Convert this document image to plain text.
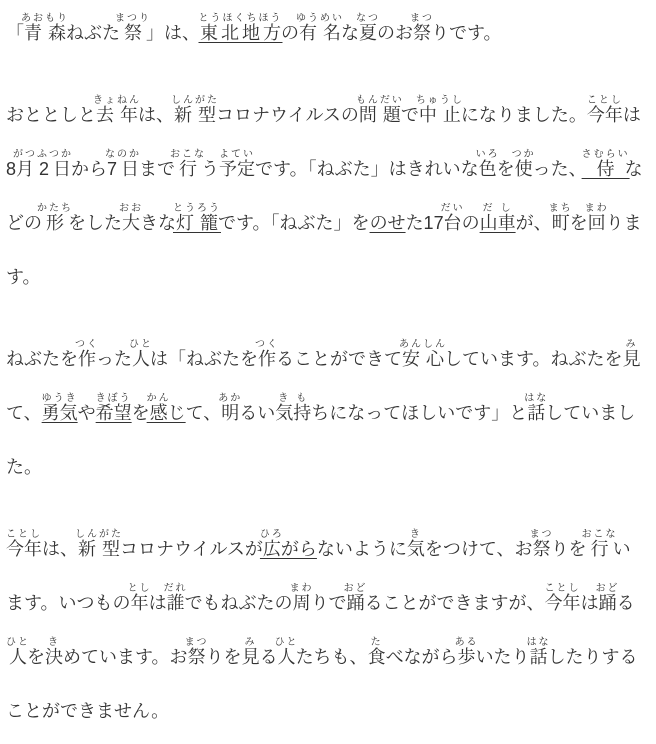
「青森あおもりねぶた祭まつり」は、東北地方とうほくちほうの有名ゆうめいな夏なつのお祭まつりです。

おととしと去年きょねんは、新型しんがたコロナウイルスの問題もんだいで中止ちゅうしになりました。今年ことしは8月がつ2日ふつかから7日なのかまで行おこなう予定よていです。「ねぶた」はきれいな色いろを使つかった、侍さむらいなどの形かたちをした大おおきな灯籠とうろうです。「ねぶた」をのせた17台だいの山車だしが、町まちを回まわります。

ねぶたを作つくった人ひとは「ねぶたを作つくることができて安心あんしんしています。ねぶたを見みて、勇気ゆうきや希望きぼうを感かんじて、明あかるい気持きもちになってほしいです」と話はなしていました。

今年ことしは、新型しんがたコロナウイルスが広ひろがらないように気きをつけて、お祭まつりを行おこないます。いつもの年としは誰だれでもねぶたの周まわりで踊おどることができますが、今年ことしは踊おどる人ひとを決きめています。お祭まつりを見みる人ひとたちも、食たべながら歩あるいたり話はなしたりすることができません。
